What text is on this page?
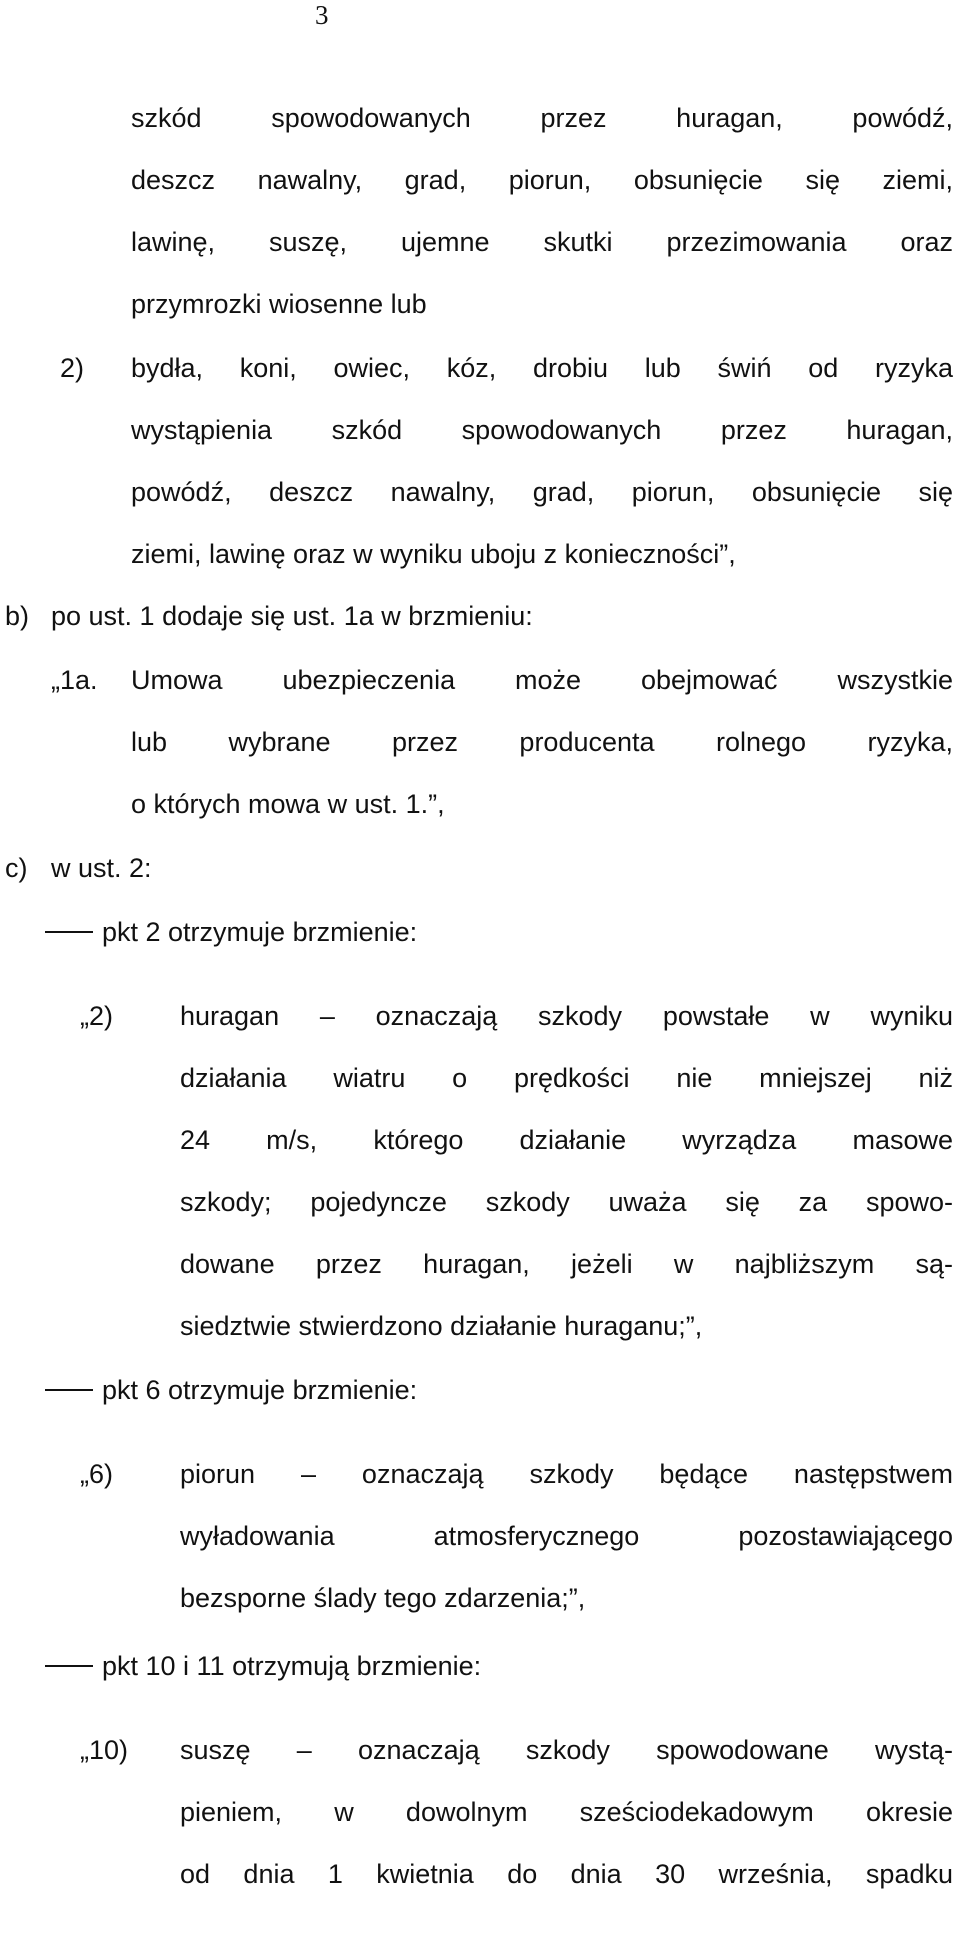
3
szkód spowodowanych przez huragan, powódź,
deszcz nawalny, grad, piorun, obsunięcie się ziemi,
lawinę, suszę, ujemne skutki przezimowania oraz
przymrozki wiosenne lub
2) bydła, koni, owiec, kóz, drobiu lub świń od ryzyka
wystąpienia szkód spowodowanych przez huragan,
powódź, deszcz nawalny, grad, piorun, obsunięcie się
ziemi, lawinę oraz w wyniku uboju z konieczności”,
b) po ust. 1 dodaje się ust. 1a w brzmieniu:
„1a. Umowa ubezpieczenia może obejmować wszystkie
lub wybrane przez producenta rolnego ryzyka,
o których mowa w ust. 1.”,
c) w ust. 2:
pkt 2 otrzymuje brzmienie:
„2) huragan – oznaczają szkody powstałe w wyniku
działania wiatru o prędkości nie mniejszej niż
24 m/s, którego działanie wyrządza masowe
szkody; pojedyncze szkody uważa się za spowo-
dowane przez huragan, jeżeli w najbliższym są-
siedztwie stwierdzono działanie huraganu;”,
pkt 6 otrzymuje brzmienie:
„6) piorun – oznaczają szkody będące następstwem
wyładowania atmosferycznego pozostawiającego
bezsporne ślady tego zdarzenia;”,
pkt 10 i 11 otrzymują brzmienie:
„10) suszę – oznaczają szkody spowodowane wystą-
pieniem, w dowolnym sześciodekadowym okresie
od dnia 1 kwietnia do dnia 30 września, spadku
